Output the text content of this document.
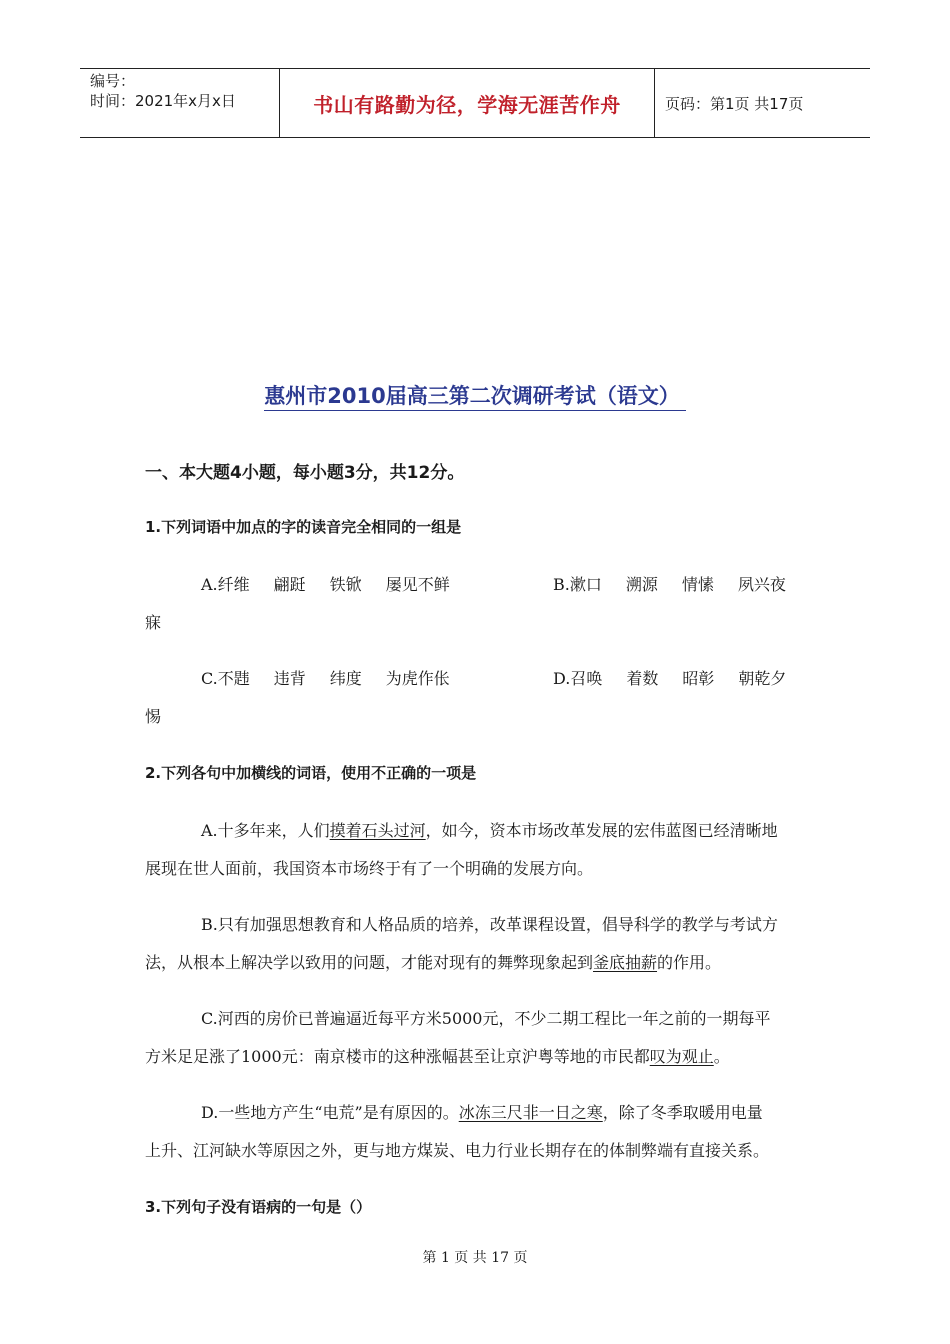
编号：
时间：2021年x月x日	书山有路勤为径，学海无涯苦作舟	页码：第1页 共17页
惠州市2010届高三第二次调研考试（语文）
一、本大题4小题，每小题3分，共12分。
1.下列词语中加点的字的读音完全相同的一组是
A.纤维 翩跹 铁锨 屡见不鲜	B.漱口 溯源 情愫 夙兴夜
寐
C.不韪 违背 纬度 为虎作伥	D.召唤 着数 昭彰 朝乾夕
惕
2.下列各句中加横线的词语，使用不正确的一项是
A.十多年来，人们摸着石头过河，如今，资本市场改革发展的宏伟蓝图已经清晰地
展现在世人面前，我国资本市场终于有了一个明确的发展方向。
B.只有加强思想教育和人格品质的培养，改革课程设置，倡导科学的教学与考试方
法，从根本上解决学以致用的问题，才能对现有的舞弊现象起到釜底抽薪的作用。
C.河西的房价已普遍逼近每平方米5000元，不少二期工程比一年之前的一期每平
方米足足涨了1000元：南京楼市的这种涨幅甚至让京沪粤等地的市民都叹为观止。
D.一些地方产生“电荒”是有原因的。冰冻三尺非一日之寒，除了冬季取暖用电量
上升、江河缺水等原因之外，更与地方煤炭、电力行业长期存在的体制弊端有直接关系。
3.下列句子没有语病的一句是（）
第 1 页 共 17 页
